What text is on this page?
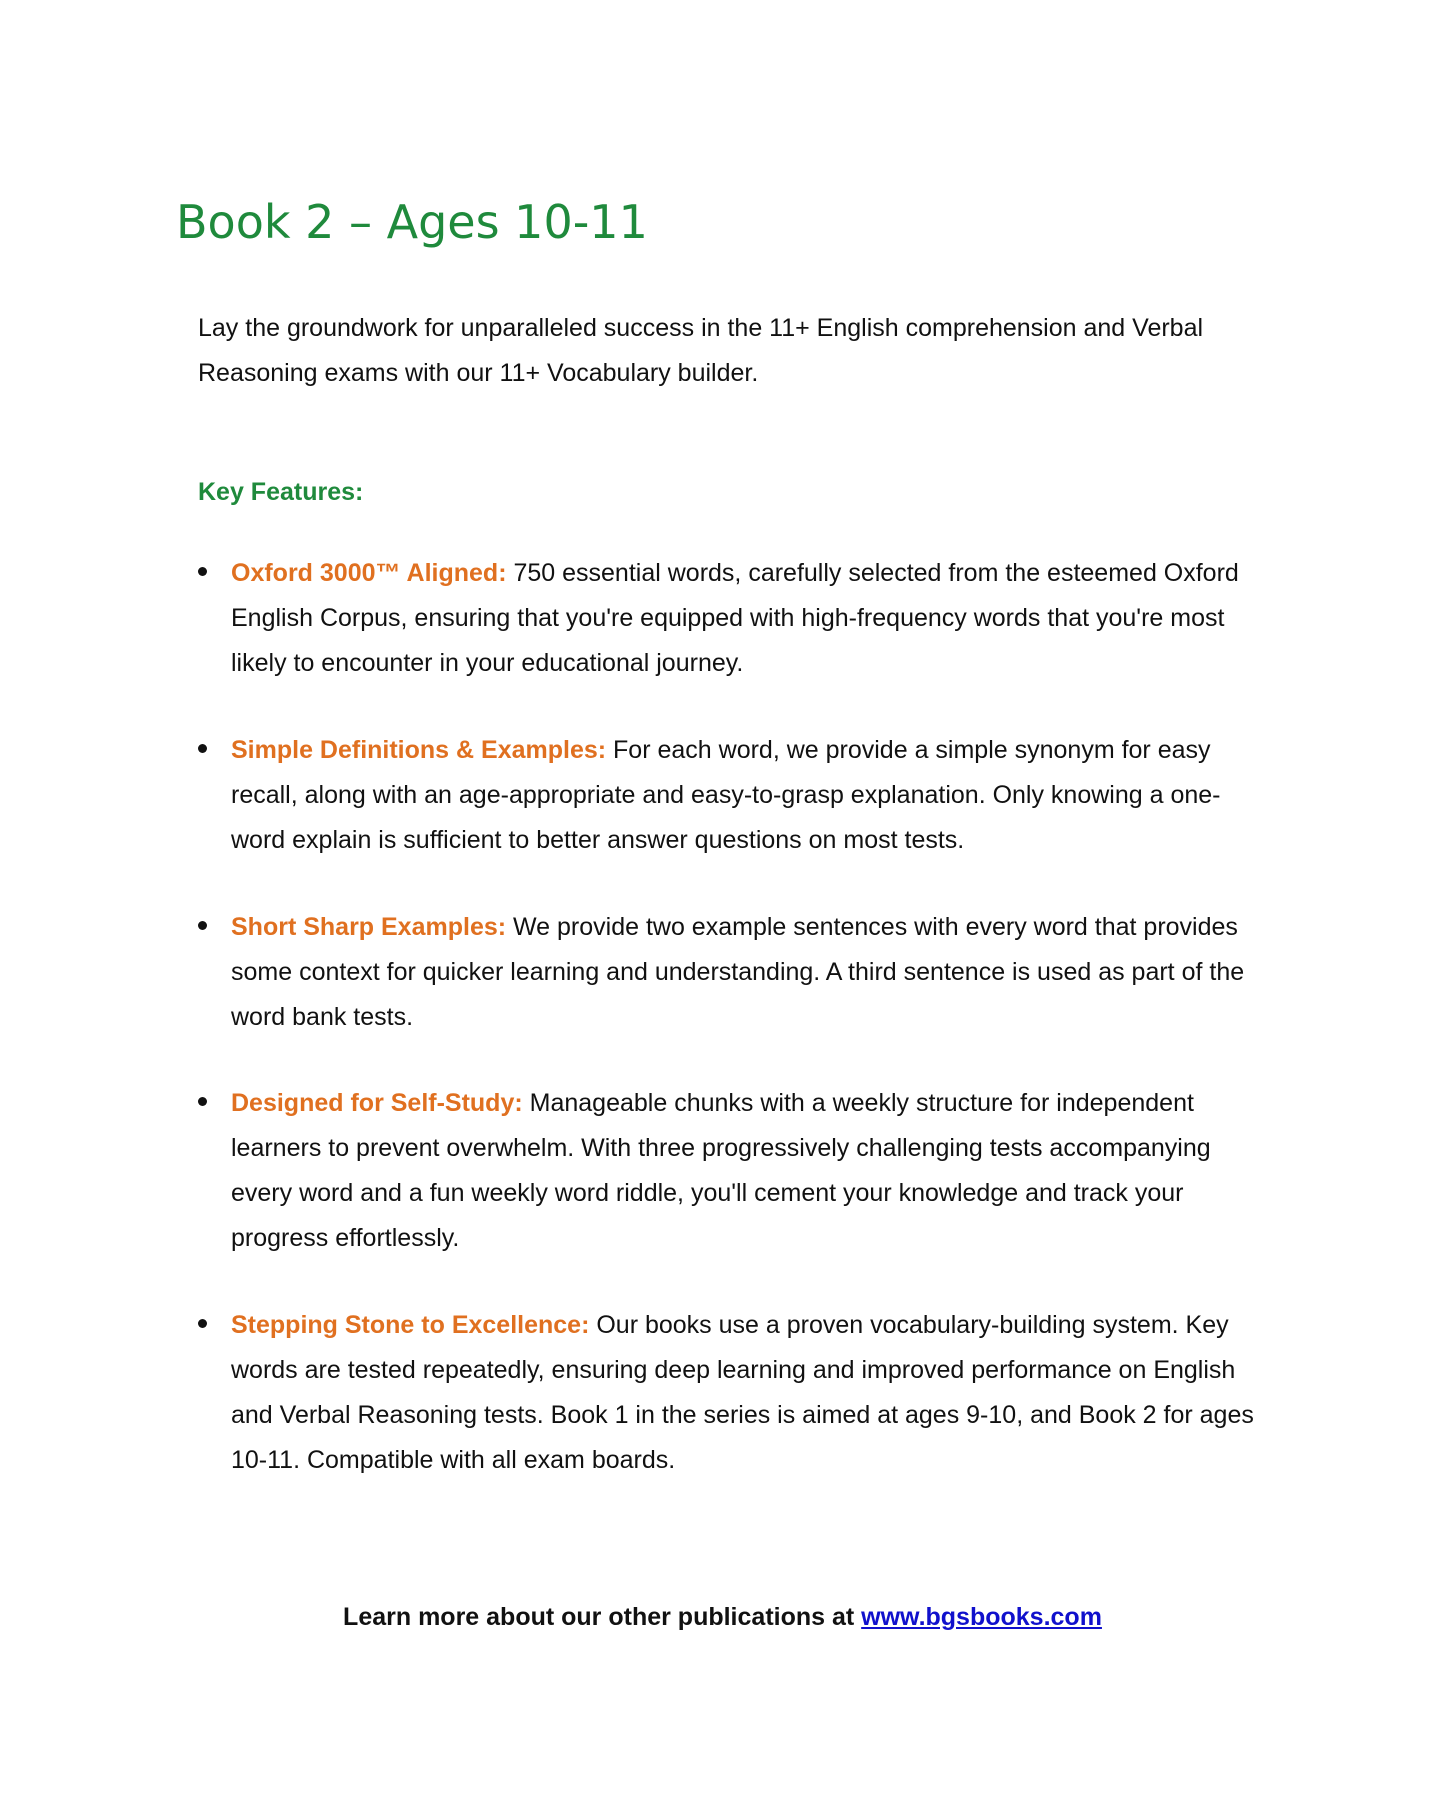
Book 2 – Ages 10-11

Lay the groundwork for unparalleled success in the 11+ English comprehension and Verbal Reasoning exams with our 11+ Vocabulary builder.

Key Features:
Oxford 3000™ Aligned: 750 essential words, carefully selected from the esteemed Oxford English Corpus, ensuring that you're equipped with high-frequency words that you're most likely to encounter in your educational journey.
Simple Definitions & Examples: For each word, we provide a simple synonym for easy recall, along with an age-appropriate and easy-to-grasp explanation. Only knowing a one-word explain is sufficient to better answer questions on most tests.
Short Sharp Examples: We provide two example sentences with every word that provides some context for quicker learning and understanding. A third sentence is used as part of the word bank tests.
Designed for Self-Study: Manageable chunks with a weekly structure for independent learners to prevent overwhelm. With three progressively challenging tests accompanying every word and a fun weekly word riddle, you'll cement your knowledge and track your progress effortlessly.
Stepping Stone to Excellence: Our books use a proven vocabulary-building system. Key words are tested repeatedly, ensuring deep learning and improved performance on English and Verbal Reasoning tests. Book 1 in the series is aimed at ages 9-10, and Book 2 for ages 10-11. Compatible with all exam boards.

Learn more about our other publications at www.bgsbooks.com
